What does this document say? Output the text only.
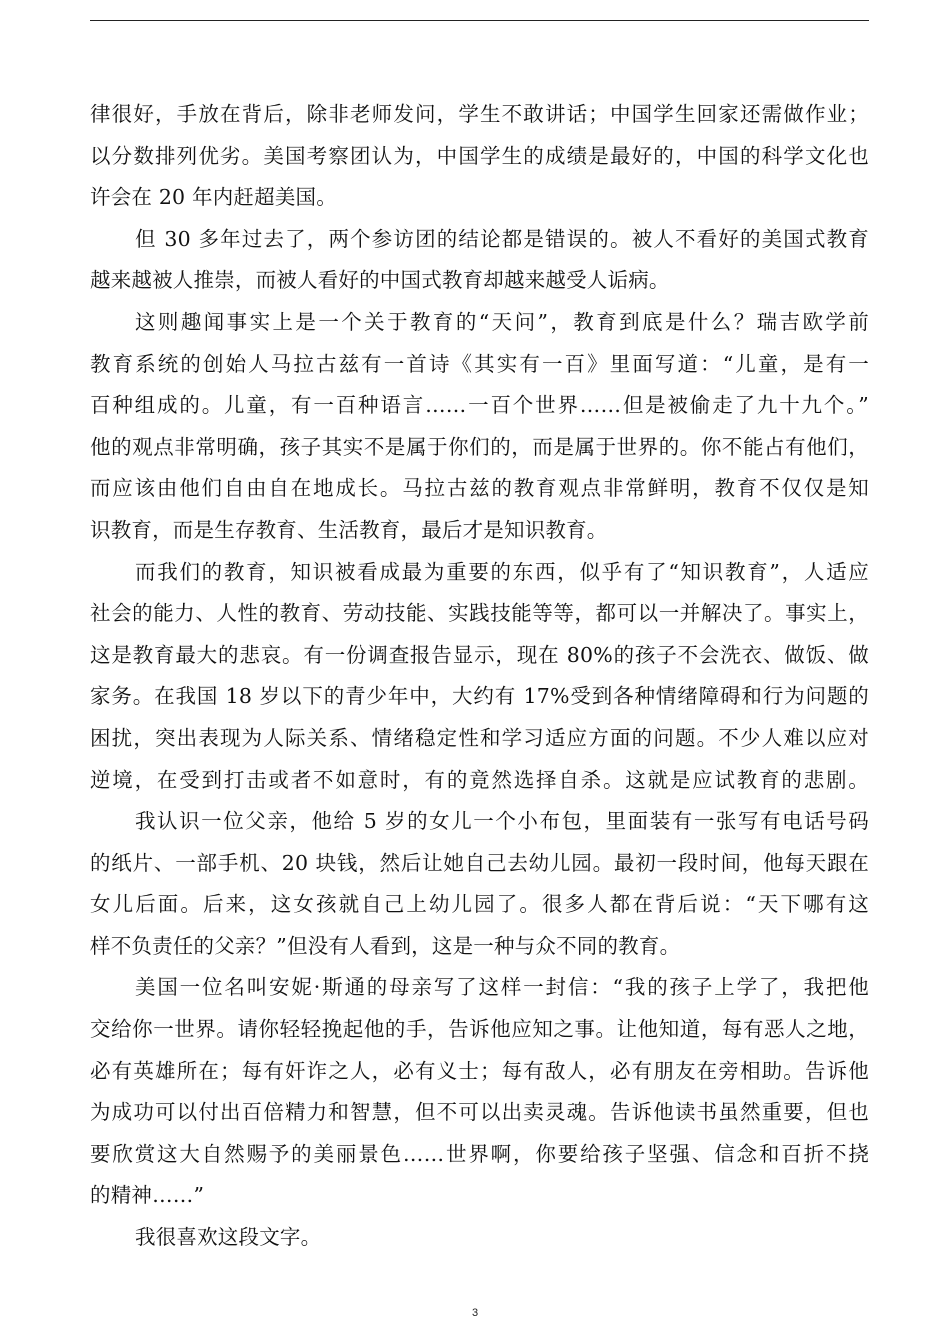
律很好，手放在背后，除非老师发问，学生不敢讲话；中国学生回家还需做作业；
以分数排列优劣。美国考察团认为，中国学生的成绩是最好的，中国的科学文化也
许会在 20 年内赶超美国。
但 30 多年过去了，两个参访团的结论都是错误的。被人不看好的美国式教育
越来越被人推崇，而被人看好的中国式教育却越来越受人诟病。
这则趣闻事实上是一个关于教育的“天问”，教育到底是什么？瑞吉欧学前
教育系统的创始人马拉古兹有一首诗《其实有一百》里面写道：“儿童，是有一
百种组成的。儿童，有一百种语言……一百个世界……但是被偷走了九十九个。”
他的观点非常明确，孩子其实不是属于你们的，而是属于世界的。你不能占有他们，
而应该由他们自由自在地成长。马拉古兹的教育观点非常鲜明，教育不仅仅是知
识教育，而是生存教育、生活教育，最后才是知识教育。
而我们的教育，知识被看成最为重要的东西，似乎有了“知识教育”，人适应
社会的能力、人性的教育、劳动技能、实践技能等等，都可以一并解决了。事实上，
这是教育最大的悲哀。有一份调查报告显示，现在 80%的孩子不会洗衣、做饭、做
家务。在我国 18 岁以下的青少年中，大约有 17%受到各种情绪障碍和行为问题的
困扰，突出表现为人际关系、情绪稳定性和学习适应方面的问题。不少人难以应对
逆境，在受到打击或者不如意时，有的竟然选择自杀。这就是应试教育的悲剧。
我认识一位父亲，他给 5 岁的女儿一个小布包，里面装有一张写有电话号码
的纸片、一部手机、20 块钱，然后让她自己去幼儿园。最初一段时间，他每天跟在
女儿后面。后来，这女孩就自己上幼儿园了。很多人都在背后说：“天下哪有这
样不负责任的父亲？”但没有人看到，这是一种与众不同的教育。
美国一位名叫安妮·斯通的母亲写了这样一封信：“我的孩子上学了，我把他
交给你一世界。请你轻轻挽起他的手，告诉他应知之事。让他知道，每有恶人之地，
必有英雄所在；每有奸诈之人，必有义士；每有敌人，必有朋友在旁相助。告诉他
为成功可以付出百倍精力和智慧，但不可以出卖灵魂。告诉他读书虽然重要，但也
要欣赏这大自然赐予的美丽景色……世界啊，你要给孩子坚强、信念和百折不挠
的精神……”
我很喜欢这段文字。
3
